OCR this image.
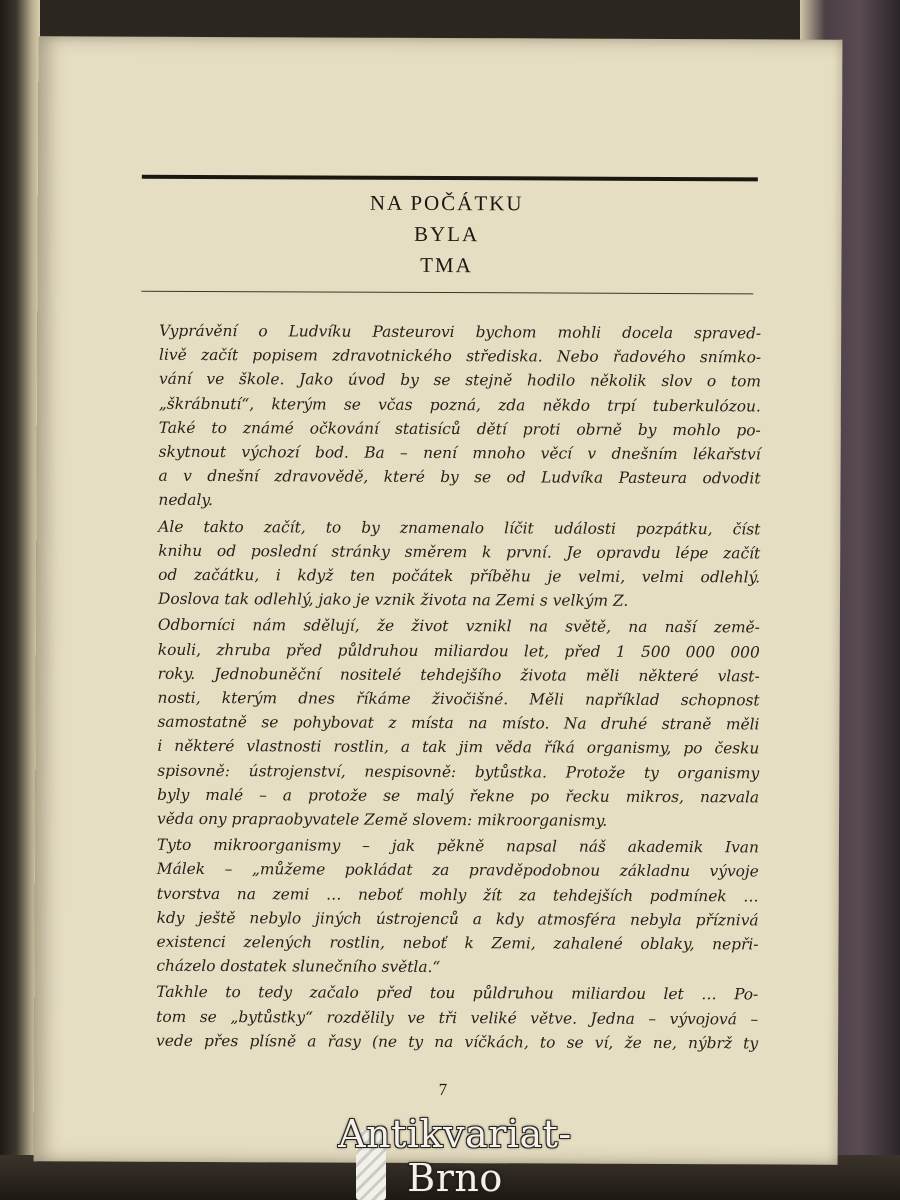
NA POČÁTKU
BYLA
TMA
Vyprávění o Ludvíku Pasteurovi bychom mohli docela spraved-
livě začít popisem zdravotnického střediska. Nebo řadového snímko-
vání ve škole. Jako úvod by se stejně hodilo několik slov o tom
„škrábnutí“, kterým se včas pozná, zda někdo trpí tuberkulózou.
Také to známé očkování statisíců dětí proti obrně by mohlo po-
skytnout výchozí bod. Ba – není mnoho věcí v dnešním lékařství
a v dnešní zdravovědě, které by se od Ludvíka Pasteura odvodit
nedaly.
Ale takto začít, to by znamenalo líčit události pozpátku, číst
knihu od poslední stránky směrem k první. Je opravdu lépe začít
od začátku, i když ten počátek příběhu je velmi, velmi odlehlý.
Doslova tak odlehlý, jako je vznik života na Zemi s velkým Z.
Odborníci nám sdělují, že život vznikl na světě, na naší země-
kouli, zhruba před půldruhou miliardou let, před 1 500 000 000
roky. Jednobuněční nositelé tehdejšího života měli některé vlast-
nosti, kterým dnes říkáme živočišné. Měli například schopnost
samostatně se pohybovat z místa na místo. Na druhé straně měli
i některé vlastnosti rostlin, a tak jim věda říká organismy, po česku
spisovně: ústrojenství, nespisovně: bytůstka. Protože ty organismy
byly malé – a protože se malý řekne po řecku mikros, nazvala
věda ony prapraobyvatele Země slovem: mikroorganismy.
Tyto mikroorganismy – jak pěkně napsal náš akademik Ivan
Málek – „můžeme pokládat za pravděpodobnou základnu vývoje
tvorstva na zemi … neboť mohly žít za tehdejších podmínek …
kdy ještě nebylo jiných ústrojenců a kdy atmosféra nebyla příznivá
existenci zelených rostlin, neboť k Zemi, zahalené oblaky, nepři-
cházelo dostatek slunečního světla.“
Takhle to tedy začalo před tou půldruhou miliardou let … Po-
tom se „bytůstky“ rozdělily ve tři veliké větve. Jedna – vývojová –
vede přes plísně a řasy (ne ty na víčkách, to se ví, že ne, nýbrž ty
7
Antikvariat-Brno
